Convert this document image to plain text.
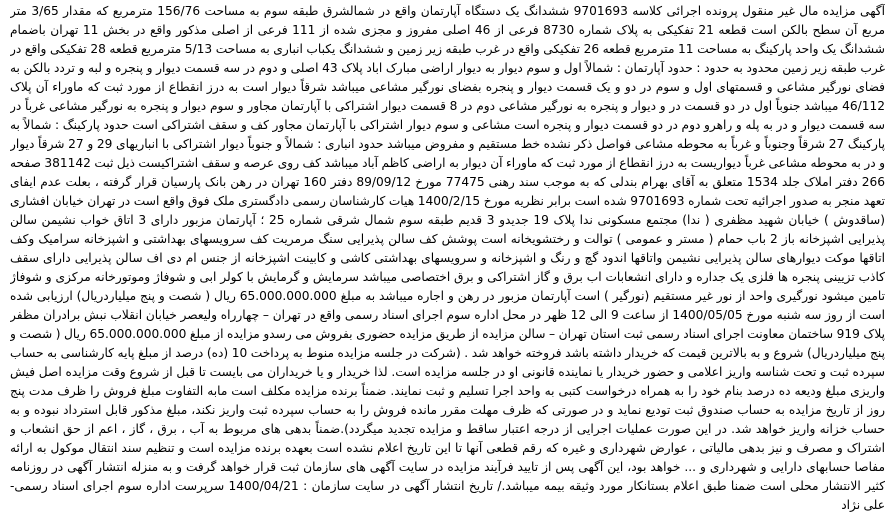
آگهی مزایده مال غیر منقول پرونده اجرائی کلاسه 9701693 ششدانگ یک دستگاه آپارتمان واقع در شمالشرق طبقه سوم به مساحت 156/76 مترمربع که مقدار 3/65 متر مربع آن سطح بالکن است قطعه 21 تفکیکی به پلاک شماره 8730 فرعی از 46 اصلی مفروز و مجزی شده از 111 فرعی از اصلی مذکور واقع در بخش 11 تهران باضمام ششدانگ یک واحد پارکینگ به مساحت 11 مترمربع قطعه 26 تفکیکی واقع در غرب طبقه زیر زمین و ششدانگ یکباب انباری به مساحت 5/13 مترمربع قطعه 28 تفکیکی واقع در غرب طبقه زیر زمین محدود به حدود : حدود آپارتمان : شمالاً اول و سوم دیوار به دیوار اراضی مبارک اباد پلاک 43 اصلی و دوم در سه قسمت دیوار و پنجره و لبه و تردد بالکن به فضای نورگیر مشاعی و قسمتهای اول و سوم در دو و یک قسمت دیوار و پنجره بفضای نورگیر مشاعی میباشد شرقاً دیوار است به درز انقطاع از مورد ثبت که ماوراء آن پلاک 46/112 میباشد جنوباً اول در دو قسمت در و دیوار و پنجره به نورگیر مشاعی دوم در 8 قسمت دیوار اشتراکی با آپارتمان مجاور و سوم دیوار و پنجره به نورگیر مشاعی غرباً در سه قسمت دیوار و در به پله و راهرو دوم در دو قسمت دیوار و پنجره است مشاعی و سوم دیوار اشتراکی با آپارتمان مجاور کف و سقف اشتراکی است حدود پارکینگ : شمالاً به پارکینگ 27 شرقاً وجنوباً و غرباً به محوطه مشاعی فواصل ذکر نشده خط مستقیم و مفروض میباشد حدود انباری : شمالاً و جنوباً دیوار اشتراکی با انباریهای 29 و 27 شرقاً دیوار و در به محوطه مشاعی غرباً دیواریست به درز انقطاع از مورد ثبت که ماوراء آن دیوار به اراضی کاظم آباد میباشد کف روی عرصه و سقف اشتراکیست ذیل ثبت 381142 صفحه 266 دفتر املاک جلد 1534 متعلق به آقای بهرام بندلی که به موجب سند رهنی 77475 مورخ 89/09/12 دفتر 160 تهران در رهن بانک پارسیان قرار گرفته ، بعلت عدم ایفای تعهد منجر به صدور اجرائیه تحت شماره 9701693 شده است برابر نظریه مورخ 1400/2/15 هیات کارشناسان رسمی دادگستری ملک فوق واقع است در تهران خیابان افشاری (ساقدوش ) خیابان شهید مظفری ( ندا) مجتمع مسکونی ندا پلاک 19 جدیدو 3 قدیم طبقه سوم شمال شرقی شماره 25 ؛ آپارتمان مزبور دارای 3 اتاق خواب نشیمن سالن پذیرایی اشپزخانه باز 2 باب حمام ( مستر و عمومی ) توالت و رختشویخانه است پوشش کف سالن پذیرایی سنگ مرمریت کف سرویسهای بهداشتی و اشپزخانه سرامیک وکف اتاقها موکت دیوارهای سالن پذیرایی نشیمن واتاقها اندود گچ و رنگ و اشپزخانه و سرویسهای بهداشتی کاشی و کابینت اشپزخانه از جنس ام دی اف سالن پذیرایی دارای سقف کاذب تزیینی پنجره ها فلزی یک جداره و دارای انشعابات اب برق و گاز اشتراکی و برق اختصاصی میباشد سرمایش و گرمایش با کولر ابی و شوفاژ وموتورخانه مرکزی و شوفاژ تامین میشود نورگیری واحد از نور غیر مستقیم (نورگیر ) است آپارتمان مزبور در رهن و اجاره میباشد به مبلغ 65.000.000.000 ریال ( شصت و پنج میلیاردریال) ارزیابی شده است از روز سه شنبه مورخ 1400/05/05 از ساعت 9 الی 12 ظهر در محل اداره سوم اجرای اسناد رسمی واقع در تهران – چهارراه ولیعصر خیابان انقلاب نبش برادران مظفر پلاک 919 ساختمان معاونت اجرای اسناد رسمی ثبت استان تهران – سالن مزایده از طریق مزایده حضوری بفروش می رسدو مزایده از مبلغ 65.000.000.000 ریال ( شصت و پنج میلیاردریال) شروع و به بالاترین قیمت که خریدار داشته باشد فروخته خواهد شد . (شرکت در جلسه مزایده منوط به پرداخت 10 (ده) درصد از مبلغ پایه کارشناسی به حساب سپرده ثبت و تحت شناسه واریز اعلامی و حضور خریدار یا نماینده قانونی او در جلسه مزایده است. لذا خریدار و یا خریداران می بایست تا قبل از شروع وقت مزایده اصل فیش واریزی مبلغ ودیعه ده درصد بنام خود را به همراه درخواست کتبی به واحد اجرا تسلیم و ثبت نمایند. ضمناً برنده مزایده مکلف است مابه التفاوت مبلغ فروش را ظرف مدت پنج روز از تاریخ مزایده به حساب صندوق ثبت تودیع نماید و در صورتی که ظرف مهلت مقرر مانده فروش را به حساب سپرده ثبت واریز نکند، مبلغ مذکور قابل استرداد نبوده و به حساب خزانه واریز خواهد شد. در این صورت عملیات اجرایی از درجه اعتبار ساقط و مزایده تجدید میگردد).ضمناً بدهی های مربوط به آب ، برق ، گاز ، اعم از حق انشعاب و اشتراک و مصرف و نیز بدهی مالیاتی ، عوارض شهرداری و غیره که رقم قطعی آنها تا این تاریخ اعلام نشده است بعهده برنده مزایده است و تنظیم سند انتقال موکول به ارائه مفاصا حسابهای دارایی و شهرداری و ... خواهد بود، این آگهی پس از تایید فرآیند مزایده در سایت آگهی های سازمان ثبت قرار خواهد گرفت و به منزله انتشار آگهی در روزنامه کثیر الانتشار محلی است ضمنا طبق اعلام بستانکار مورد وثیقه بیمه میباشد./ تاریخ انتشار آگهی در سایت سازمان : 1400/04/21 سرپرست اداره سوم اجرای اسناد رسمی- علی نژاد
